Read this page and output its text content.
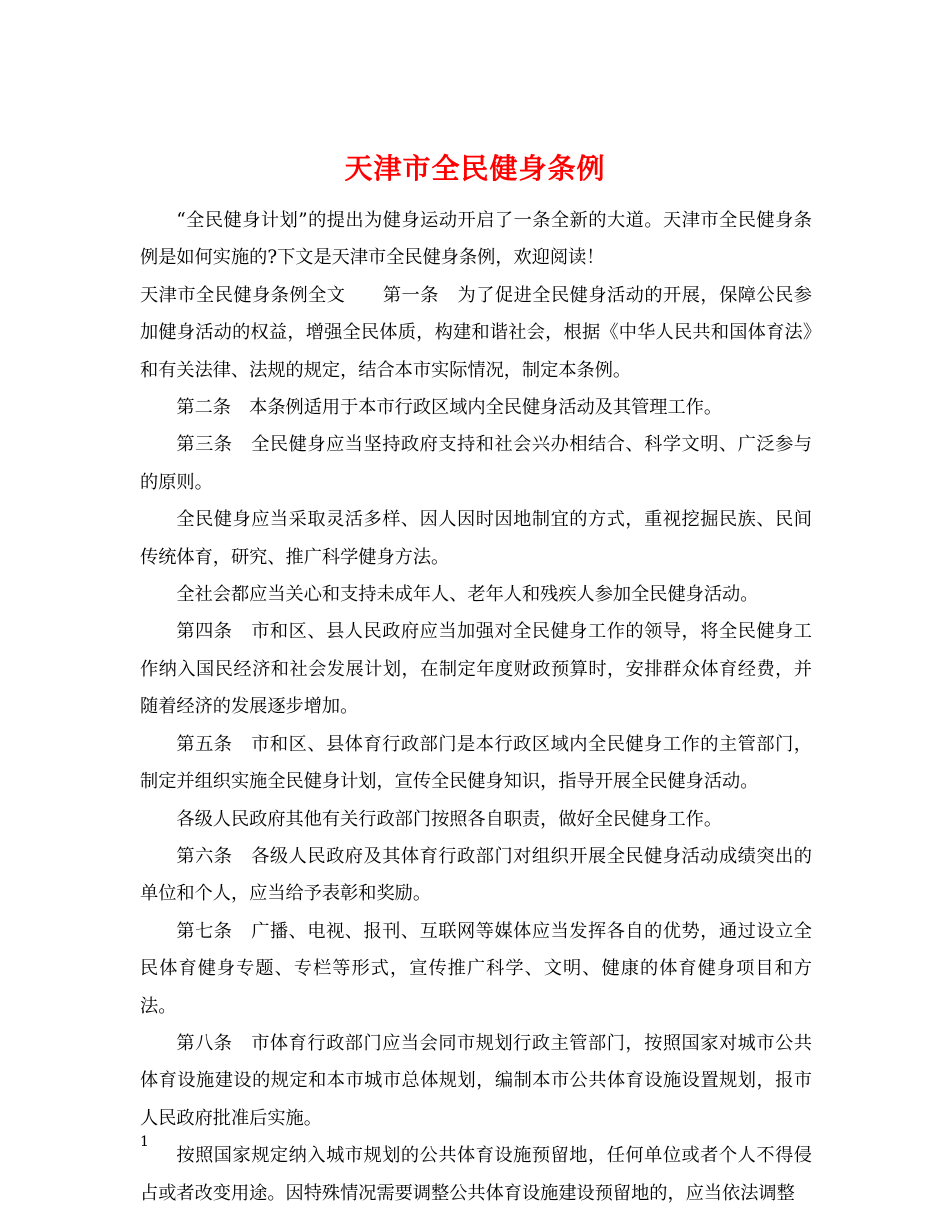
天津市全民健身条例

“全民健身计划”的提出为健身运动开启了一条全新的大道。天津市全民健身条例是如何实施的?下文是天津市全民健身条例，欢迎阅读！

天津市全民健身条例全文　　第一条　为了促进全民健身活动的开展，保障公民参加健身活动的权益，增强全民体质，构建和谐社会，根据《中华人民共和国体育法》和有关法律、法规的规定，结合本市实际情况，制定本条例。

第二条　本条例适用于本市行政区域内全民健身活动及其管理工作。

第三条　全民健身应当坚持政府支持和社会兴办相结合、科学文明、广泛参与的原则。

全民健身应当采取灵活多样、因人因时因地制宜的方式，重视挖掘民族、民间传统体育，研究、推广科学健身方法。

全社会都应当关心和支持未成年人、老年人和残疾人参加全民健身活动。

第四条　市和区、县人民政府应当加强对全民健身工作的领导，将全民健身工作纳入国民经济和社会发展计划，在制定年度财政预算时，安排群众体育经费，并随着经济的发展逐步增加。

第五条　市和区、县体育行政部门是本行政区域内全民健身工作的主管部门，制定并组织实施全民健身计划，宣传全民健身知识，指导开展全民健身活动。

各级人民政府其他有关行政部门按照各自职责，做好全民健身工作。

第六条　各级人民政府及其体育行政部门对组织开展全民健身活动成绩突出的单位和个人，应当给予表彰和奖励。

第七条　广播、电视、报刊、互联网等媒体应当发挥各自的优势，通过设立全民体育健身专题、专栏等形式，宣传推广科学、文明、健康的体育健身项目和方法。

第八条　市体育行政部门应当会同市规划行政主管部门，按照国家对城市公共体育设施建设的规定和本市城市总体规划，编制本市公共体育设施设置规划，报市人民政府批准后实施。

按照国家规定纳入城市规划的公共体育设施预留地，任何单位或者个人不得侵占或者改变用途。因特殊情况需要调整公共体育设施建设预留地的，应当依法调整

1
